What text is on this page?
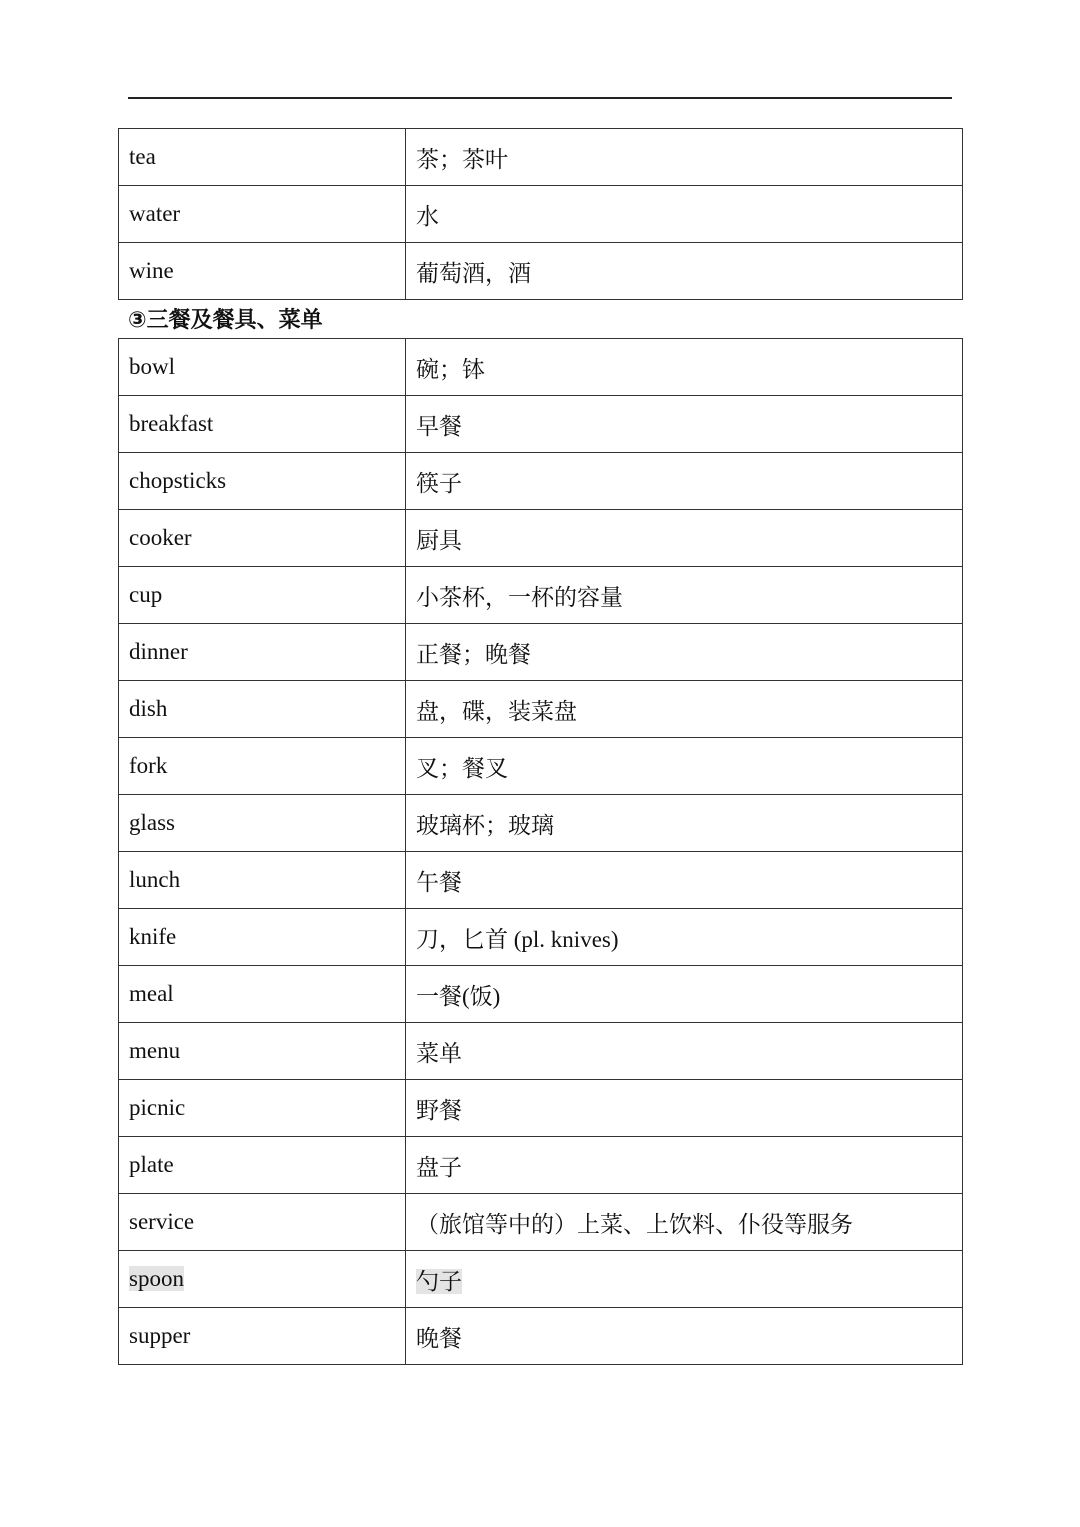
tea	茶；茶叶
water	水
wine	葡萄酒，酒
③三餐及餐具、菜单
bowl	碗；钵
breakfast	早餐
chopsticks	筷子
cooker	厨具
cup	小茶杯，一杯的容量
dinner	正餐；晚餐
dish	盘，碟，装菜盘
fork	叉；餐叉
glass	玻璃杯；玻璃
lunch	午餐
knife	刀，匕首 (pl. knives)
meal	一餐(饭)
menu	菜单
picnic	野餐
plate	盘子
service	（旅馆等中的）上菜、上饮料、仆役等服务
spoon	勺子
supper	晚餐
